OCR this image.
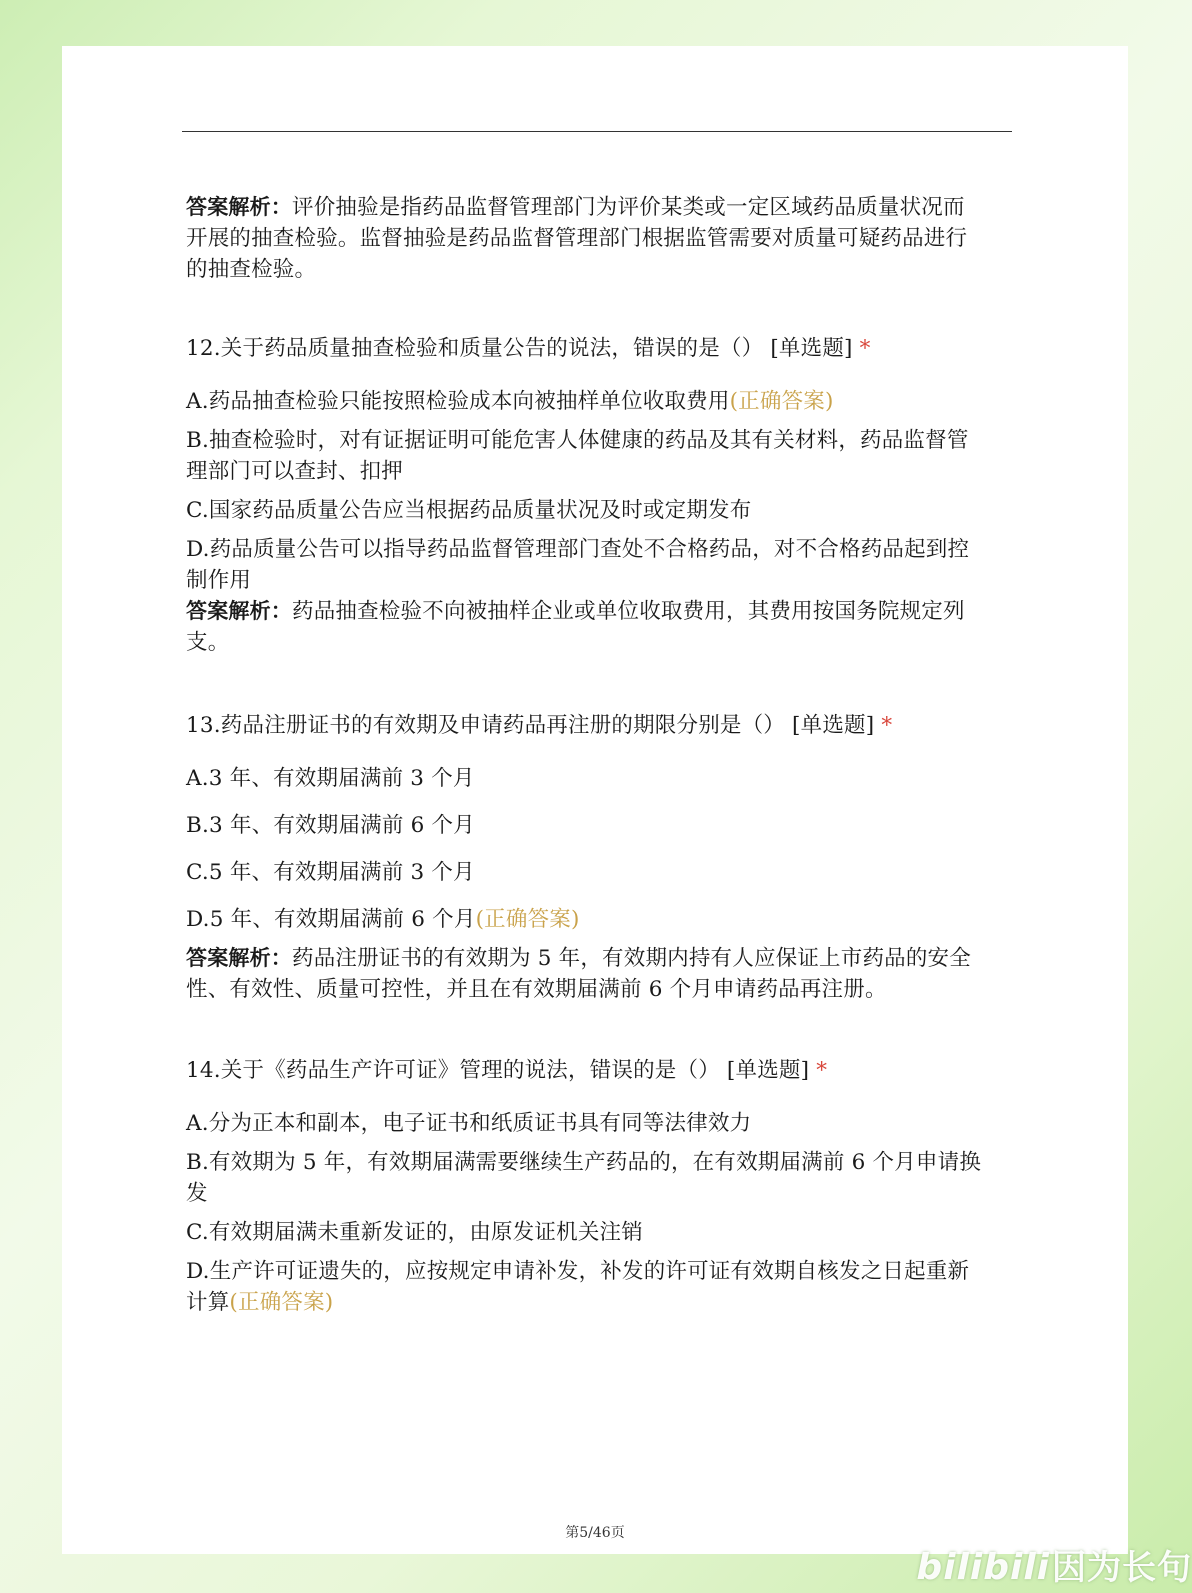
答案解析：评价抽验是指药品监督管理部门为评价某类或一定区域药品质量状况而

开展的抽查检验。监督抽验是药品监督管理部门根据监管需要对质量可疑药品进行

的抽查检验。

12.关于药品质量抽查检验和质量公告的说法，错误的是（） [单选题] *

A.药品抽查检验只能按照检验成本向被抽样单位收取费用(正确答案)

B.抽查检验时，对有证据证明可能危害人体健康的药品及其有关材料，药品监督管

理部门可以查封、扣押

C.国家药品质量公告应当根据药品质量状况及时或定期发布

D.药品质量公告可以指导药品监督管理部门查处不合格药品，对不合格药品起到控

制作用

答案解析：药品抽查检验不向被抽样企业或单位收取费用，其费用按国务院规定列

支。

13.药品注册证书的有效期及申请药品再注册的期限分别是（） [单选题] *

A.3 年、有效期届满前 3 个月

B.3 年、有效期届满前 6 个月

C.5 年、有效期届满前 3 个月

D.5 年、有效期届满前 6 个月(正确答案)

答案解析：药品注册证书的有效期为 5 年，有效期内持有人应保证上市药品的安全

性、有效性、质量可控性，并且在有效期届满前 6 个月申请药品再注册。

14.关于《药品生产许可证》管理的说法，错误的是（） [单选题] *

A.分为正本和副本，电子证书和纸质证书具有同等法律效力

B.有效期为 5 年，有效期届满需要继续生产药品的，在有效期届满前 6 个月申请换

发

C.有效期届满未重新发证的，由原发证机关注销

D.生产许可证遗失的，应按规定申请补发，补发的许可证有效期自核发之日起重新

计算(正确答案)

第5/46页
bilibili因为长句
